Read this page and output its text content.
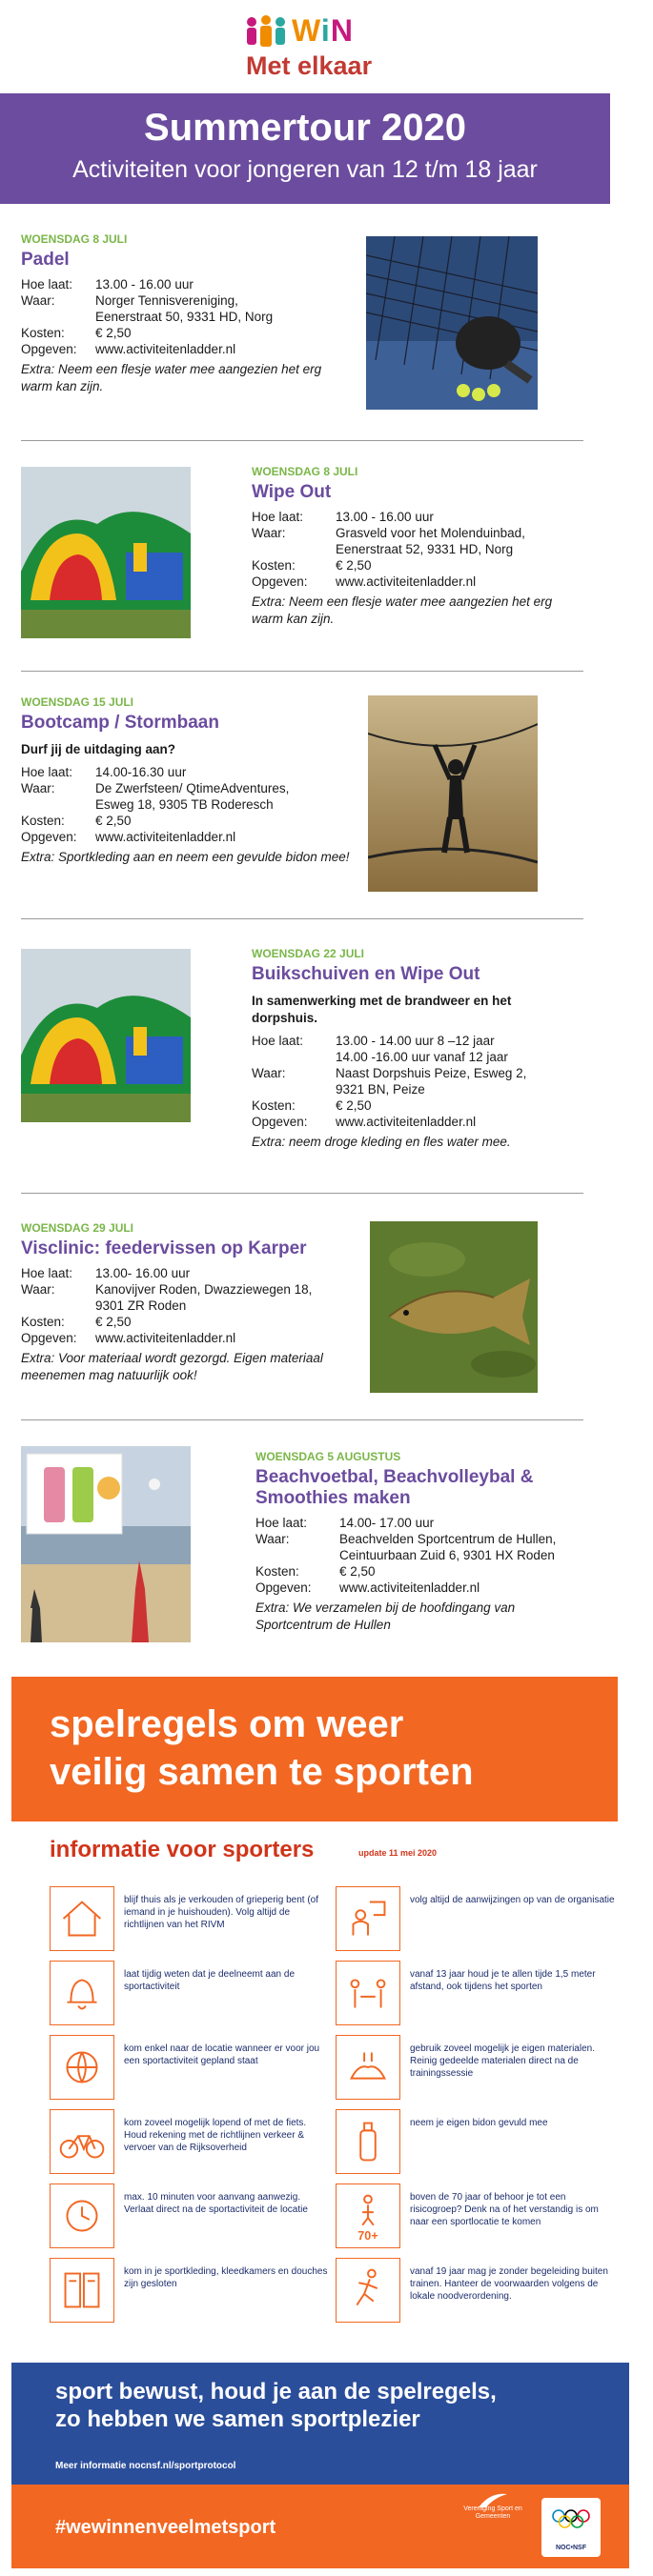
WiN
Met elkaar
Summertour 2020
Activiteiten voor jongeren van 12 t/m 18 jaar
WOENSDAG 8 JULI
Padel
Hoe laat:	13.00 - 16.00 uur
Waar:	Norger Tennisvereniging,
Eenerstraat 50, 9331 HD, Norg
Kosten:	€ 2,50
Opgeven:	www.activiteitenladder.nl
Extra: Neem een flesje water mee aangezien het erg warm kan zijn.
WOENSDAG 8 JULI
Wipe Out
Hoe laat:	13.00 - 16.00 uur
Waar:	Grasveld voor het Molenduinbad,
Eenerstraat 52, 9331 HD, Norg
Kosten:	€ 2,50
Opgeven:	www.activiteitenladder.nl
Extra: Neem een flesje water mee aangezien het erg warm kan zijn.
WOENSDAG 15 JULI
Bootcamp / Stormbaan
Durf jij de uitdaging aan?
Hoe laat:	14.00-16.30 uur
Waar:	De Zwerfsteen/ QtimeAdventures,
Esweg 18, 9305 TB Roderesch
Kosten:	€ 2,50
Opgeven:	www.activiteitenladder.nl
Extra: Sportkleding aan en neem een gevulde bidon mee!
WOENSDAG 22 JULI
Buikschuiven en Wipe Out
In samenwerking met de brandweer en het dorpshuis.
Hoe laat:	13.00 - 14.00 uur 8 –12 jaar
14.00 -16.00 uur vanaf 12 jaar
Waar:	Naast Dorpshuis Peize, Esweg 2,
9321 BN, Peize
Kosten:	€ 2,50
Opgeven:	www.activiteitenladder.nl
Extra: neem droge kleding en fles water mee.
WOENSDAG 29 JULI
Visclinic: feedervissen op Karper
Hoe laat:	13.00- 16.00 uur
Waar:	Kanovijver Roden, Dwazziewegen 18,
9301 ZR Roden
Kosten:	€ 2,50
Opgeven:	www.activiteitenladder.nl
Extra: Voor materiaal wordt gezorgd. Eigen materiaal meenemen mag natuurlijk ook!
WOENSDAG 5 AUGUSTUS
Beachvoetbal, Beachvolleybal &
Smoothies maken
Hoe laat:	14.00- 17.00 uur
Waar:	Beachvelden Sportcentrum de Hullen,
Ceintuurbaan Zuid 6, 9301 HX Roden
Kosten:	€ 2,50
Opgeven:	www.activiteitenladder.nl
Extra: We verzamelen bij de hoofdingang van Sportcentrum de Hullen
spelregels om weer
veilig samen te sporten
informatie voor sporters	update 11 mei 2020
blijf thuis als je verkouden of grieperig bent (of iemand in je huishouden). Volg altijd de richtlijnen van het RIVM
laat tijdig weten dat je deelneemt aan de sportactiviteit
kom enkel naar de locatie wanneer er voor jou een sportactiviteit gepland staat
kom zoveel mogelijk lopend of met de fiets. Houd rekening met de richtlijnen verkeer & vervoer van de Rijksoverheid
max. 10 minuten voor aanvang aanwezig. Verlaat direct na de sportactiviteit de locatie
kom in je sportkleding, kleedkamers en douches zijn gesloten
volg altijd de aanwijzingen op van de organisatie
vanaf 13 jaar houd je te allen tijde 1,5 meter afstand, ook tijdens het sporten
gebruik zoveel mogelijk je eigen materialen. Reinig gedeelde materialen direct na de trainingssessie
neem je eigen bidon gevuld mee
70+
boven de 70 jaar of behoor je tot een risicogroep? Denk na of het verstandig is om naar een sportlocatie te komen
vanaf 19 jaar mag je zonder begeleiding buiten trainen. Hanteer de voorwaarden volgens de lokale noodverordening.
sport bewust, houd je aan de spelregels,
zo hebben we samen sportplezier
Meer informatie nocnsf.nl/sportprotocol
#wewinnenveelmetsport
Vereniging Sport en Gemeenten
NOC•NSF
